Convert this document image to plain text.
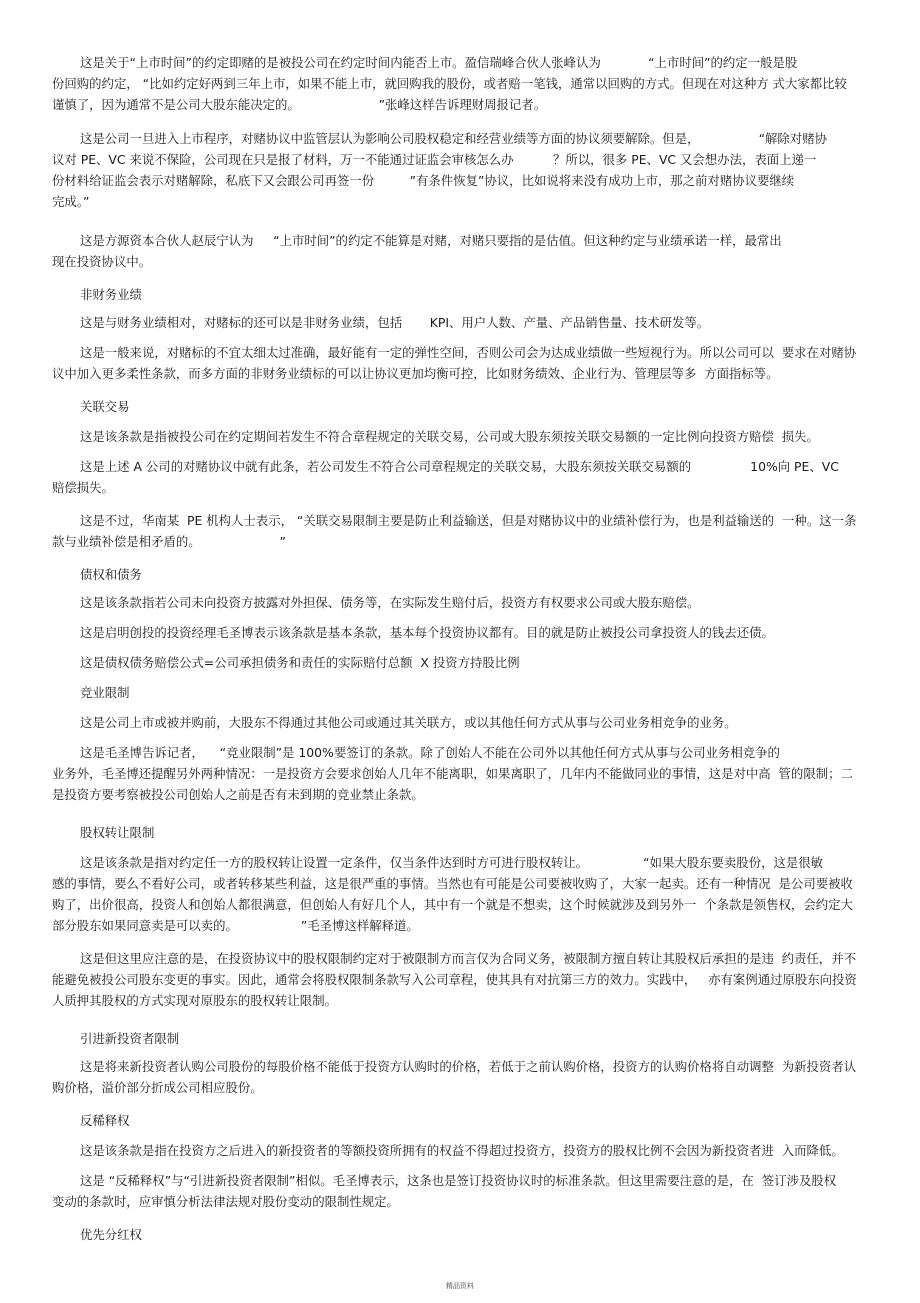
这是关于“上市时间”的约定即赌的是被投公司在约定时间内能否上市。盈信瑞峰合伙人张峰认为            “上市时间”的约定一般是股
份回购的约定， “比如约定好两到三年上市，如果不能上市，就回购我的股份，或者赔一笔钱，通常以回购的方式。但现在对这种方 式大家都比较
谨慎了，因为通常不是公司大股东能决定的。                    ”张峰这样告诉理财周报记者。
这是公司一旦进入上市程序，对赌协议中监管层认为影响公司股权稳定和经营业绩等方面的协议须要解除。但是，               “解除对赌协
议对 PE、VC 来说不保险，公司现在只是报了材料，万一不能通过证监会审核怎么办          ？所以，很多 PE、VC 又会想办法，表面上递一
份材料给证监会表示对赌解除，私底下又会跟公司再签一份         ”有条件恢复”协议，比如说将来没有成功上市，那之前对赌协议要继续
完成。”
这是方源资本合伙人赵辰宁认为     “上市时间”的约定不能算是对赌，对赌只要指的是估值。但这种约定与业绩承诺一样，最常出
现在投资协议中。
非财务业绩
这是与财务业绩相对，对赌标的还可以是非财务业绩，包括       KPI、用户人数、产量、产品销售量、技术研发等。
这是一般来说，对赌标的不宜太细太过准确，最好能有一定的弹性空间，否则公司会为达成业绩做一些短视行为。所以公司可以  要求在对赌协
议中加入更多柔性条款，而多方面的非财务业绩标的可以让协议更加均衡可控，比如财务绩效、企业行为、管理层等多  方面指标等。
关联交易
这是该条款是指被投公司在约定期间若发生不符合章程规定的关联交易，公司或大股东须按关联交易额的一定比例向投资方赔偿  损失。
这是上述 A 公司的对赌协议中就有此条，若公司发生不符合公司章程规定的关联交易，大股东须按关联交易额的               10%向 PE、VC
赔偿损失。
这是不过，华南某  PE 机构人士表示， “关联交易限制主要是防止利益输送，但是对赌协议中的业绩补偿行为，也是利益输送的  一种。这一条
款与业绩补偿是相矛盾的。                    ”
债权和债务
这是该条款指若公司未向投资方披露对外担保、债务等，在实际发生赔付后，投资方有权要求公司或大股东赔偿。
这是启明创投的投资经理毛圣博表示该条款是基本条款，基本每个投资协议都有。目的就是防止被投公司拿投资人的钱去还债。
这是债权债务赔偿公式=公司承担债务和责任的实际赔付总额  X 投资方持股比例
竞业限制
这是公司上市或被并购前，大股东不得通过其他公司或通过其关联方，或以其他任何方式从事与公司业务相竞争的业务。
这是毛圣博告诉记者，    “竞业限制”是 100%要签订的条款。除了创始人不能在公司外以其他任何方式从事与公司业务相竞争的
业务外，毛圣博还提醒另外两种情况：一是投资方会要求创始人几年不能离职，如果离职了，几年内不能做同业的事情，这是对中高  管的限制；二
是投资方要考察被投公司创始人之前是否有未到期的竞业禁止条款。
股权转让限制
这是该条款是指对约定任一方的股权转让设置一定条件，仅当条件达到时方可进行股权转让。              “如果大股东要卖股份，这是很敏
感的事情，要么不看好公司，或者转移某些利益，这是很严重的事情。当然也有可能是公司要被收购了，大家一起卖。还有一种情况  是公司要被收
购了，出价很高，投资人和创始人都很满意，但创始人有好几个人，其中有一个就是不想卖，这个时候就涉及到另外一  个条款是领售权，会约定大
部分股东如果同意卖是可以卖的。                ”毛圣博这样解释道。
这是但这里应注意的是，在投资协议中的股权限制约定对于被限制方而言仅为合同义务，被限制方擅自转让其股权后承担的是违  约责任，并不
能避免被投公司股东变更的事实。因此，通常会将股权限制条款写入公司章程，使其具有对抗第三方的效力。实践中，   亦有案例通过原股东向投资
人质押其股权的方式实现对原股东的股权转让限制。
引进新投资者限制
这是将来新投资者认购公司股份的每股价格不能低于投资方认购时的价格，若低于之前认购价格，投资方的认购价格将自动调整  为新投资者认
购价格，溢价部分折成公司相应股份。
反稀释权
这是该条款是指在投资方之后进入的新投资者的等额投资所拥有的权益不得超过投资方，投资方的股权比例不会因为新投资者进  入而降低。
这是 “反稀释权”与“引进新投资者限制”相似。毛圣博表示，这条也是签订投资协议时的标准条款。但这里需要注意的是，在  签订涉及股权
变动的条款时，应审慎分析法律法规对股份变动的限制性规定。
优先分红权
精品资料
